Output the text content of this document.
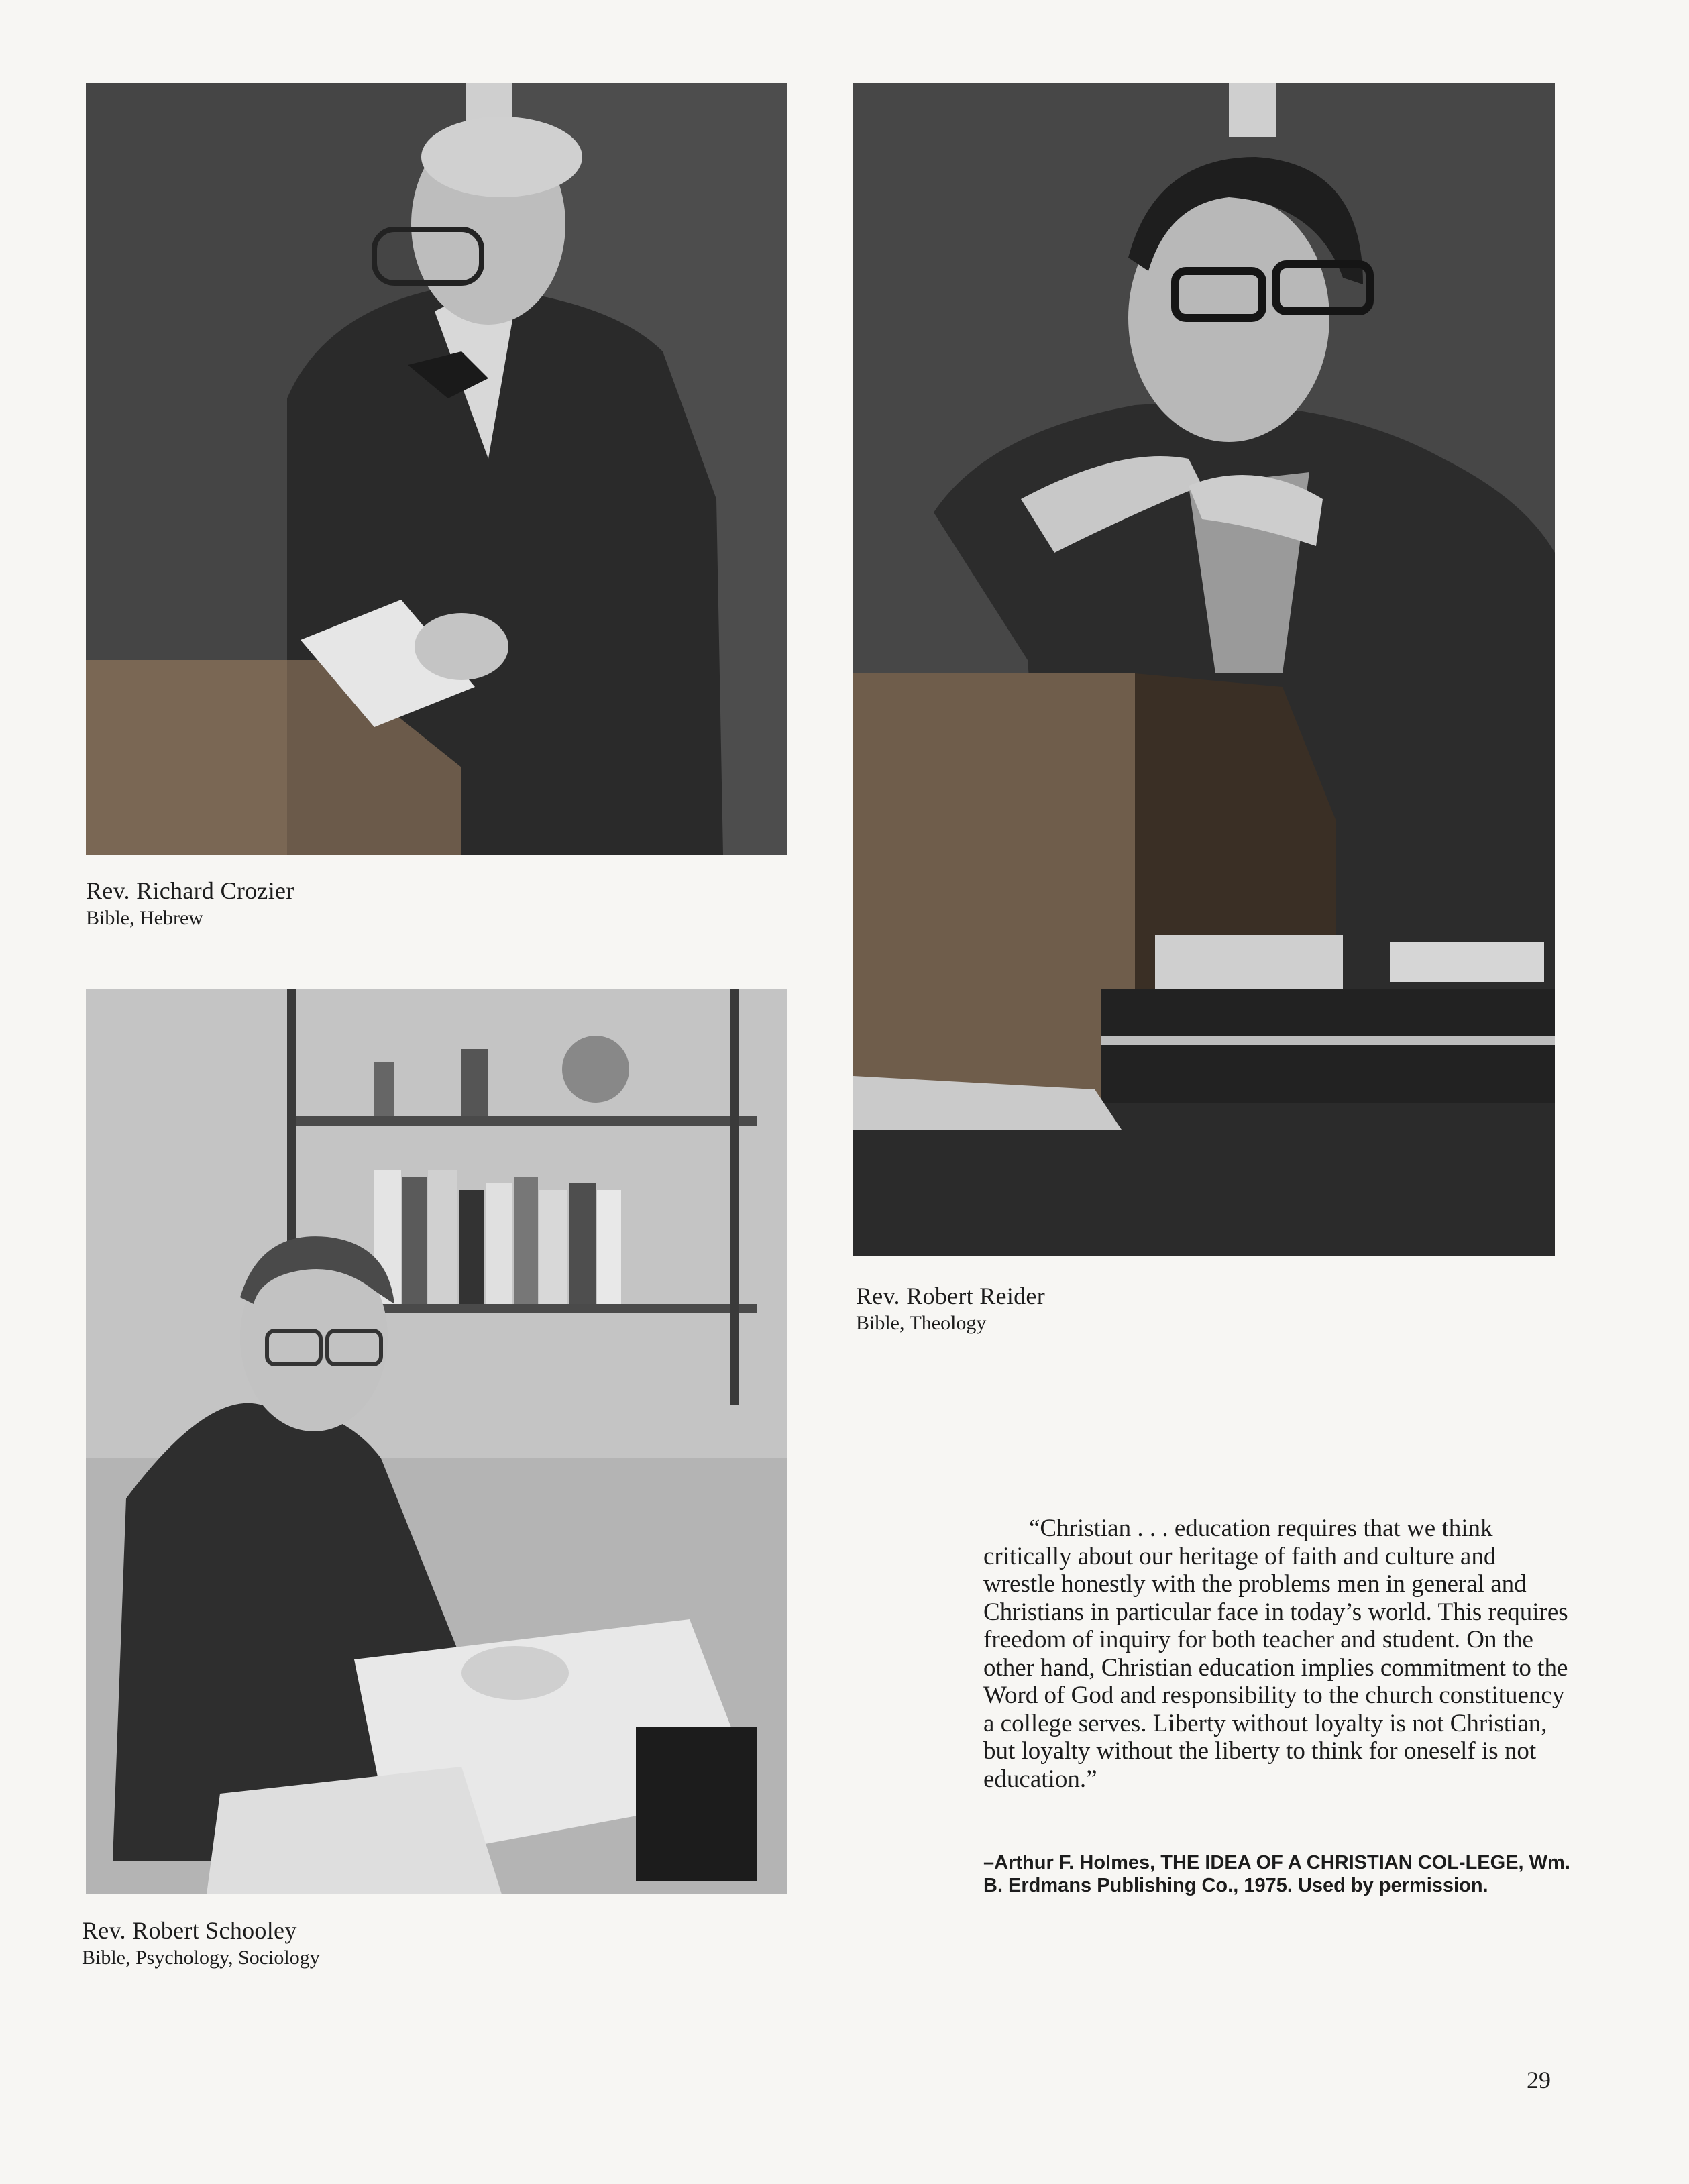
Rev. Richard Crozier
Bible, Hebrew
Rev. Robert Reider
Bible, Theology
Rev. Robert Schooley
Bible, Psychology, Sociology
“Christian . . . education requires that we think critically about our heritage of faith and culture and wrestle honestly with the problems men in general and Christians in particular face in today’s world. This requires freedom of inquiry for both teacher and student. On the other hand, Christian education implies commitment to the Word of God and responsibility to the church constituency a college serves. Liberty without loyalty is not Christian, but loyalty without the liberty to think for oneself is not education.”
–Arthur F. Holmes, THE IDEA OF A CHRISTIAN COL-LEGE, Wm. B. Erdmans Publishing Co., 1975. Used by permission.
29
